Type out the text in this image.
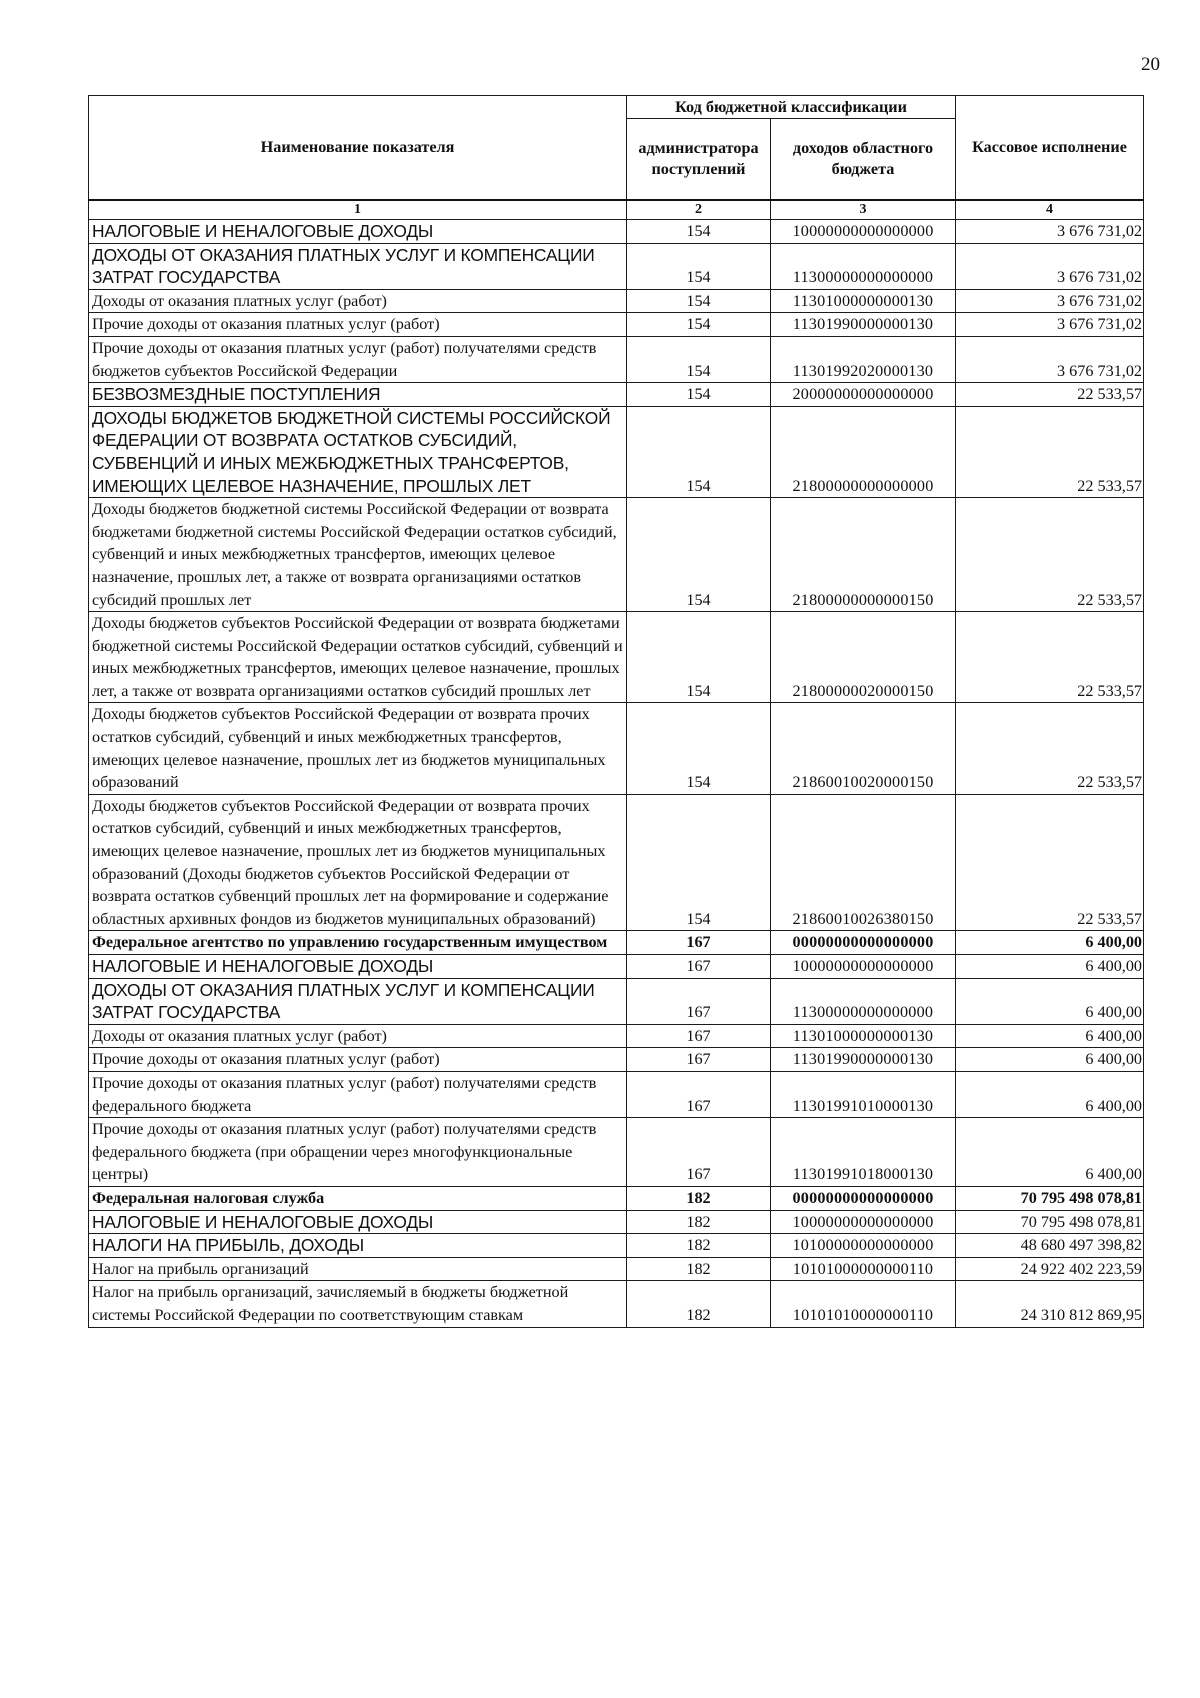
20
Наименование показателя	Код бюджетной классификации		Кассовое исполнение
	администратора поступлений	доходов областного бюджета	
1	2	3	4
НАЛОГОВЫЕ И НЕНАЛОГОВЫЕ ДОХОДЫ	154	10000000000000000	3 676 731,02
ДОХОДЫ ОТ ОКАЗАНИЯ ПЛАТНЫХ УСЛУГ И КОМПЕНСАЦИИ ЗАТРАТ ГОСУДАРСТВА	154	11300000000000000	3 676 731,02
Доходы от оказания платных услуг (работ)	154	11301000000000130	3 676 731,02
Прочие доходы от оказания платных услуг (работ)	154	11301990000000130	3 676 731,02
Прочие доходы от оказания платных услуг (работ) получателями средств бюджетов субъектов Российской Федерации	154	11301992020000130	3 676 731,02
БЕЗВОЗМЕЗДНЫЕ ПОСТУПЛЕНИЯ	154	20000000000000000	22 533,57
ДОХОДЫ БЮДЖЕТОВ БЮДЖЕТНОЙ СИСТЕМЫ РОССИЙСКОЙ ФЕДЕРАЦИИ ОТ ВОЗВРАТА ОСТАТКОВ СУБСИДИЙ, СУБВЕНЦИЙ И ИНЫХ МЕЖБЮДЖЕТНЫХ ТРАНСФЕРТОВ, ИМЕЮЩИХ ЦЕЛЕВОЕ НАЗНАЧЕНИЕ, ПРОШЛЫХ ЛЕТ	154	21800000000000000	22 533,57
Доходы бюджетов бюджетной системы Российской Федерации от возврата бюджетами бюджетной системы Российской Федерации остатков субсидий, субвенций и иных межбюджетных трансфертов, имеющих целевое назначение, прошлых лет, а также от возврата организациями остатков субсидий прошлых лет	154	21800000000000150	22 533,57
Доходы бюджетов субъектов Российской Федерации от возврата бюджетами бюджетной системы Российской Федерации остатков субсидий, субвенций и иных межбюджетных трансфертов, имеющих целевое назначение, прошлых лет, а также от возврата организациями остатков субсидий прошлых лет	154	21800000020000150	22 533,57
Доходы бюджетов субъектов Российской Федерации от возврата прочих остатков субсидий, субвенций и иных межбюджетных трансфертов, имеющих целевое назначение, прошлых лет из бюджетов муниципальных образований	154	21860010020000150	22 533,57
Доходы бюджетов субъектов Российской Федерации от возврата прочих остатков субсидий, субвенций и иных межбюджетных трансфертов, имеющих целевое назначение, прошлых лет из бюджетов муниципальных образований (Доходы бюджетов субъектов Российской Федерации от возврата остатков субвенций прошлых лет на формирование и содержание областных архивных фондов из бюджетов муниципальных образований)	154	21860010026380150	22 533,57
Федеральное агентство по управлению государственным имуществом	167	00000000000000000	6 400,00
НАЛОГОВЫЕ И НЕНАЛОГОВЫЕ ДОХОДЫ	167	10000000000000000	6 400,00
ДОХОДЫ ОТ ОКАЗАНИЯ ПЛАТНЫХ УСЛУГ И КОМПЕНСАЦИИ ЗАТРАТ ГОСУДАРСТВА	167	11300000000000000	6 400,00
Доходы от оказания платных услуг (работ)	167	11301000000000130	6 400,00
Прочие доходы от оказания платных услуг (работ)	167	11301990000000130	6 400,00
Прочие доходы от оказания платных услуг (работ) получателями средств федерального бюджета	167	11301991010000130	6 400,00
Прочие доходы от оказания платных услуг (работ) получателями средств федерального бюджета (при обращении через многофункциональные центры)	167	11301991018000130	6 400,00
Федеральная налоговая служба	182	00000000000000000	70 795 498 078,81
НАЛОГОВЫЕ И НЕНАЛОГОВЫЕ ДОХОДЫ	182	10000000000000000	70 795 498 078,81
НАЛОГИ НА ПРИБЫЛЬ, ДОХОДЫ	182	10100000000000000	48 680 497 398,82
Налог на прибыль организаций	182	10101000000000110	24 922 402 223,59
Налог на прибыль организаций, зачисляемый в бюджеты бюджетной системы Российской Федерации по соответствующим ставкам	182	10101010000000110	24 310 812 869,95
